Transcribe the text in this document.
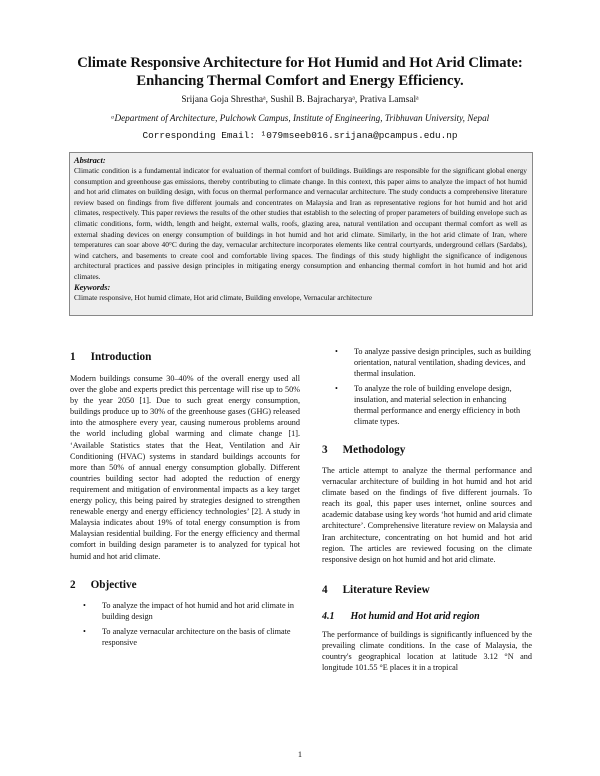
Climate Responsive Architecture for Hot Humid and Hot Arid Climate:
Enhancing Thermal Comfort and Energy Efficiency.
Srijana Goja Shresthaᵃ, Sushil B. Bajracharyaᵃ, Prativa Lamsalᵃ
ᵃDepartment of Architecture, Pulchowk Campus, Institute of Engineering, Tribhuvan University, Nepal
Corresponding Email: ¹079mseeb016.srijana@pcampus.edu.np
Abstract:

Climatic condition is a fundamental indicator for evaluation of thermal comfort of buildings. Buildings are responsible for the significant global energy consumption and greenhouse gas emissions, thereby contributing to climate change. In this context, this paper aims to analyze the impact of hot humid and hot arid climates on building design, with focus on thermal performance and vernacular architecture. The study conducts a comprehensive literature review based on findings from five different journals and concentrates on Malaysia and Iran as representative regions for hot humid and hot arid climates, respectively. This paper reviews the results of the other studies that establish to the selecting of proper parameters of building envelope such as climatic conditions, form, width, length and height, external walls, roofs, glazing area, natural ventilation and occupant thermal comfort as well as external shading devices on energy consumption of buildings in hot humid and hot arid climate. Similarly, in the hot arid climate of Iran, where temperatures can soar above 40°C during the day, vernacular architecture incorporates elements like central courtyards, underground cellars (Sardabs), wind catchers, and basements to create cool and comfortable living spaces. The findings of this study highlight the significance of indigenous architectural practices and passive design principles in mitigating energy consumption and enhancing thermal comfort in hot humid and hot arid climates.

Keywords:

Climate responsive, Hot humid climate, Hot arid climate, Building envelope, Vernacular architecture

1 Introduction

Modern buildings consume 30–40% of the overall energy used all over the globe and experts predict this percentage will rise up to 50% by the year 2050 [1]. Due to such great energy consumption, buildings produce up to 30% of the greenhouse gases (GHG) released into the atmosphere every year, causing numerous problems around the world including global warming and climate change [1]. ‘Available Statistics states that the Heat, Ventilation and Air Conditioning (HVAC) systems in standard buildings accounts for more than 50% of annual energy consumption globally. Different countries building sector had adopted the reduction of energy requirement and mitigation of environmental impacts as a key target energy policy, this being paired by strategies designed to strengthen renewable energy and energy efficiency technologies’ [2]. A study in Malaysia indicates about 19% of total energy consumption is from Malaysian residential building. For the energy efficiency and thermal comfort in building design parameter is to analyzed for typical hot humid and hot arid climate.

2 Objective
• To analyze the impact of hot humid and hot arid climate in building design
• To analyze vernacular architecture on the basis of climate responsive
• To analyze passive design principles, such as building orientation, natural ventilation, shading devices, and thermal insulation.
• To analyze the role of building envelope design, insulation, and material selection in enhancing thermal performance and energy efficiency in both climate types.
3 Methodology

The article attempt to analyze the thermal performance and vernacular architecture of building in hot humid and hot arid climate based on the findings of five different journals. To reach its goal, this paper uses internet, online sources and academic database using key words ‘hot humid and arid climate architecture’. Comprehensive literature review on Malaysia and Iran architecture, concentrating on hot humid and hot arid region. The articles are reviewed focusing on the climate responsive design on hot humid and hot arid climate.

4 Literature Review
4.1 Hot humid and Hot arid region

The performance of buildings is significantly influenced by the prevailing climate conditions. In the case of Malaysia, the country's geographical location at latitude 3.12 °N and longitude 101.55 °E places it in a tropical

1
